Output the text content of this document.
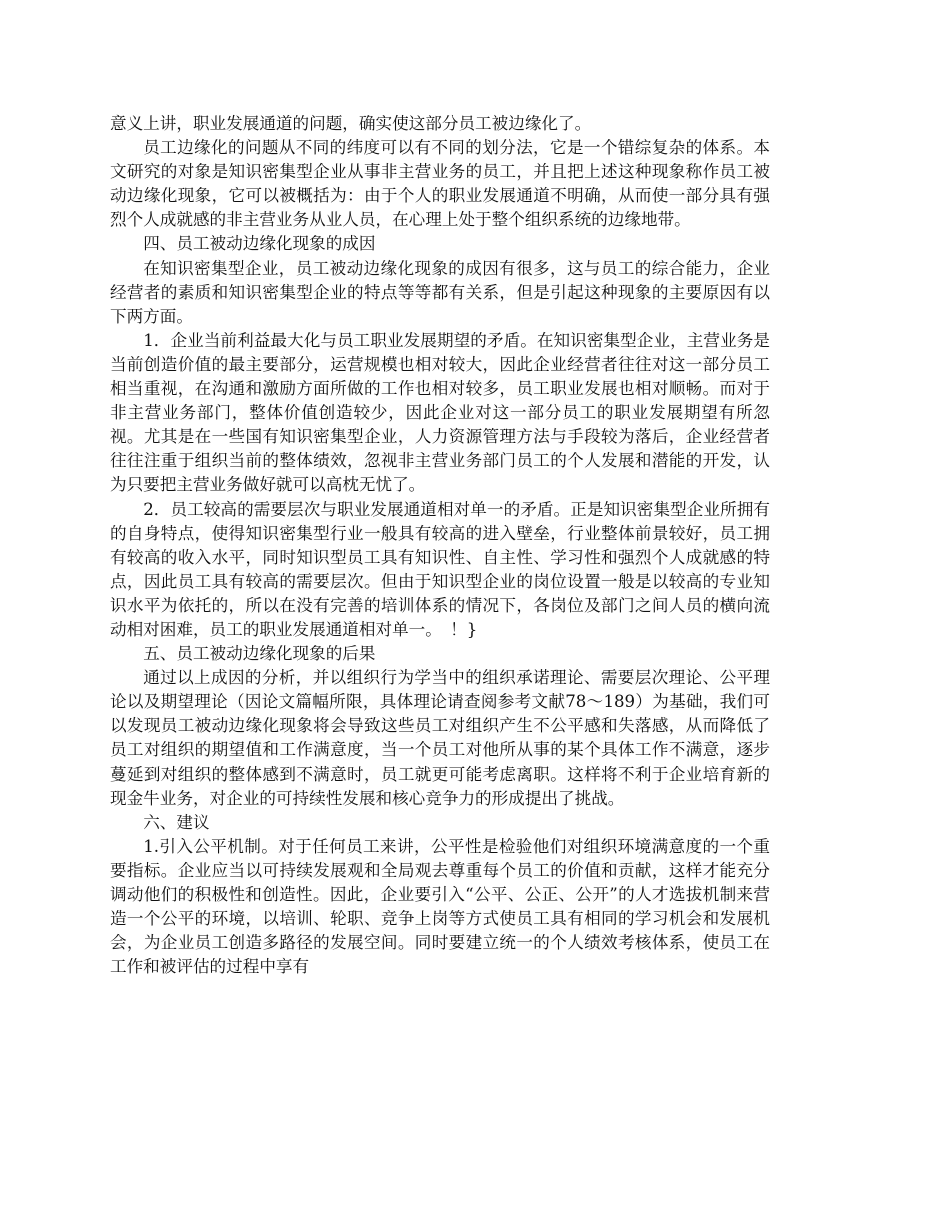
意义上讲，职业发展通道的问题，确实使这部分员工被边缘化了。

员工边缘化的问题从不同的纬度可以有不同的划分法，它是一个错综复杂的体系。本文研究的对象是知识密集型企业从事非主营业务的员工，并且把上述这种现象称作员工被动边缘化现象，它可以被概括为：由于个人的职业发展通道不明确，从而使一部分具有强烈个人成就感的非主营业务从业人员，在心理上处于整个组织系统的边缘地带。

四、员工被动边缘化现象的成因

在知识密集型企业，员工被动边缘化现象的成因有很多，这与员工的综合能力，企业经营者的素质和知识密集型企业的特点等等都有关系，但是引起这种现象的主要原因有以下两方面。

1．企业当前利益最大化与员工职业发展期望的矛盾。在知识密集型企业，主营业务是当前创造价值的最主要部分，运营规模也相对较大，因此企业经营者往往对这一部分员工相当重视，在沟通和激励方面所做的工作也相对较多，员工职业发展也相对顺畅。而对于非主营业务部门，整体价值创造较少，因此企业对这一部分员工的职业发展期望有所忽视。尤其是在一些国有知识密集型企业，人力资源管理方法与手段较为落后，企业经营者往往注重于组织当前的整体绩效，忽视非主营业务部门员工的个人发展和潜能的开发，认为只要把主营业务做好就可以高枕无忧了。

2．员工较高的需要层次与职业发展通道相对单一的矛盾。正是知识密集型企业所拥有的自身特点，使得知识密集型行业一般具有较高的进入壁垒，行业整体前景较好，员工拥有较高的收入水平，同时知识型员工具有知识性、自主性、学习性和强烈个人成就感的特点，因此员工具有较高的需要层次。但由于知识型企业的岗位设置一般是以较高的专业知识水平为依托的，所以在没有完善的培训体系的情况下，各岗位及部门之间人员的横向流动相对困难，员工的职业发展通道相对单一。　！}

五、员工被动边缘化现象的后果

通过以上成因的分析，并以组织行为学当中的组织承诺理论、需要层次理论、公平理论以及期望理论（因论文篇幅所限，具体理论请查阅参考文献78～189）为基础，我们可以发现员工被动边缘化现象将会导致这些员工对组织产生不公平感和失落感，从而降低了员工对组织的期望值和工作满意度，当一个员工对他所从事的某个具体工作不满意，逐步蔓延到对组织的整体感到不满意时，员工就更可能考虑离职。这样将不利于企业培育新的现金牛业务，对企业的可持续性发展和核心竞争力的形成提出了挑战。

六、建议

1.引入公平机制。对于任何员工来讲，公平性是检验他们对组织环境满意度的一个重要指标。企业应当以可持续发展观和全局观去尊重每个员工的价值和贡献，这样才能充分调动他们的积极性和创造性。因此，企业要引入“公平、公正、公开”的人才选拔机制来营造一个公平的环境，以培训、轮职、竞争上岗等方式使员工具有相同的学习机会和发展机会，为企业员工创造多路径的发展空间。同时要建立统一的个人绩效考核体系，使员工在工作和被评估的过程中享有
